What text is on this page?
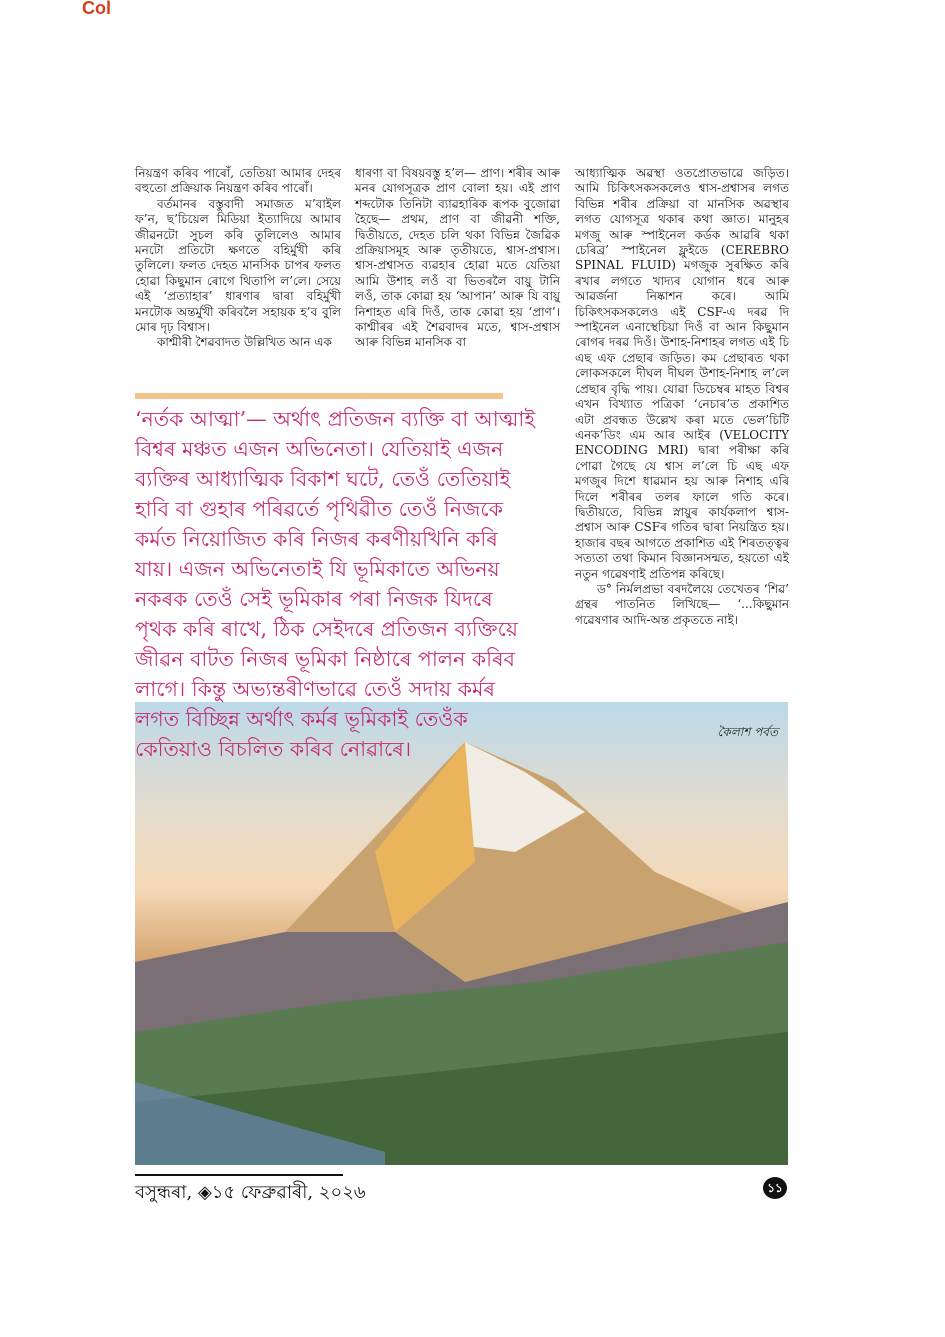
Col

নিয়ন্ত্ৰণ কৰিব পাৰোঁ, তেতিয়া আমাৰ দেহৰ বহুতো প্ৰক্ৰিয়াক নিয়ন্ত্ৰণ কৰিব পাৰোঁ।

বৰ্তমানৰ বস্তুবাদী সমাজত ম’বাইল ফ’ন, ছ’চিয়েল মিডিয়া ইত্যাদিয়ে আমাৰ জীৱনটো সুচল কৰি তুলিলেও আমাৰ মনটো প্ৰতিটো ক্ষণতে বহিৰ্মুখী কৰি তুলিলে। ফলত দেহত মানসিক চাপৰ ফলত হোৱা কিছুমান ৰোগে থিতাপি ল’লে। সেয়ে এই ‘প্ৰত্যাহাৰ’ ধাৰণাৰ দ্বাৰা বহিৰ্মুখী মনটোক অন্তৰ্মুখী কৰিবলৈ সহায়ক হ’ব বুলি মোৰ দৃঢ় বিশ্বাস।

কাশ্মীৰী শৈৱবাদত উল্লিখিত আন এক

ধাৰণা বা বিষয়বস্তু হ’ল— প্ৰাণ। শৰীৰ আৰু মনৰ যোগসূত্ৰক প্ৰাণ বোলা হয়। এই প্ৰাণ শব্দটোক তিনিটা ব্যাৱহাৰিক ৰূপক বুজোৱা হৈছে— প্ৰথম, প্ৰাণ বা জীৱনী শক্তি, দ্বিতীয়তে, দেহত চলি থকা বিভিন্ন জৈৱিক প্ৰক্ৰিয়াসমূহ আৰু তৃতীয়তে, শ্বাস-প্ৰশ্বাস। শ্বাস-প্ৰশ্বাসত ব্যৱহাৰ হোৱা মতে যেতিয়া আমি উশাহ লওঁ বা ভিতৰলৈ বায়ু টানি লওঁ, তাক কোৱা হয় ‘আপান’ আৰু যি বায়ু নিশাহত এৰি দিওঁ, তাক কোৱা হয় ‘প্ৰাণ’। কাশ্মীৰৰ এই শৈৱবাদৰ মতে, শ্বাস-প্ৰশ্বাস আৰু বিভিন্ন মানসিক বা

আধ্যাত্মিক অৱস্থা ওতপ্ৰোতভাৱে জড়িত। আমি চিকিৎসকসকলেও শ্বাস-প্ৰশ্বাসৰ লগত বিভিন্ন শৰীৰ প্ৰক্ৰিয়া বা মানসিক অৱস্থাৰ লগত যোগসূত্ৰ থকাৰ কথা জ্ঞাত। মানুহৰ মগজু আৰু স্পাইনেল কৰ্ডক আৱৰি থকা চেৰিব্ৰ’ স্পাইনেল ফ্লুইডে (CEREBRO SPINAL FLUID) মগজুক সুৰক্ষিত কৰি ৰখাৰ লগতে খাদ্যৰ যোগান ধৰে আৰু আৱৰ্জনা নিষ্কাশন কৰে। আমি চিকিৎসকসকলেও এই CSF-এ দৰৱ দি স্পাইনেল এনাস্থেচিয়া দিওঁ বা আন কিছুমান ৰোগৰ দৰৱ দিওঁ। উশাহ-নিশাহৰ লগত এই চি এছ এফ প্ৰেছাৰ জড়িত। কম প্ৰেছাৰত থকা লোকসকলে দীঘল দীঘল উশাহ-নিশাহ ল’লে প্ৰেছাৰ বৃদ্ধি পায়। যোৱা ডিচেম্বৰ মাহত বিশ্বৰ এখন বিখ্যাত পত্ৰিকা ‘নেচাৰ’ত প্ৰকাশিত এটা প্ৰবন্ধত উল্লেখ কৰা মতে ভেল’চিটি এনক’ডিং এম আৰ আইৰ (VELOCITY ENCODING MRI) দ্বাৰা পৰীক্ষা কৰি পোৱা গৈছে যে শ্বাস ল’লে চি এছ এফ মগজুৰ দিশে ধাৱমান হয় আৰু নিশাহ এৰি দিলে শৰীৰৰ তলৰ ফালে গতি কৰে। দ্বিতীয়তে, বিভিন্ন স্নায়ুৰ কাৰ্যকলাপ শ্বাস-প্ৰশ্বাস আৰু CSFৰ গতিৰ দ্বাৰা নিয়ন্ত্ৰিত হয়। হাজাৰ বছৰ আগতে প্ৰকাশিত এই শিৰতত্ত্বৰ সত্যতা তথা কিমান বিজ্ঞানসন্মত, হয়তো এই নতুন গৱেষণাই প্ৰতিপন্ন কৰিছে।

ড° নিৰ্মলপ্ৰভা বৰদলৈয়ে তেখেতৰ ‘শিৱ’ গ্ৰন্থৰ পাতনিত লিখিছে— ‘...কিছুমান গৱেষণাৰ আদি-অন্ত প্ৰকৃততে নাই।

কৈলাশ পৰ্বত
‘নৰ্তক আত্মা’— অৰ্থাৎ প্ৰতিজন ব্যক্তি বা আত্মাই
বিশ্বৰ মঞ্চত এজন অভিনেতা। যেতিয়াই এজন
ব্যক্তিৰ আধ্যাত্মিক বিকাশ ঘটে, তেওঁ তেতিয়াই
হাবি বা গুহাৰ পৰিৱৰ্তে পৃথিৱীত তেওঁ নিজকে
কৰ্মত নিয়োজিত কৰি নিজৰ কৰণীয়খিনি কৰি
যায়। এজন অভিনেতাই যি ভূমিকাতে অভিনয়
নকৰক তেওঁ সেই ভূমিকাৰ পৰা নিজক যিদৰে
পৃথক কৰি ৰাখে, ঠিক সেইদৰে প্ৰতিজন ব্যক্তিয়ে
জীৱন বাটত নিজৰ ভূমিকা নিষ্ঠাৰে পালন কৰিব
লাগে। কিন্তু অভ্যন্তৰীণভাৱে তেওঁ সদায় কৰ্মৰ
লগত বিচ্ছিন্ন অৰ্থাৎ কৰ্মৰ ভূমিকাই তেওঁক
কেতিয়াও বিচলিত কৰিব নোৱাৰে।
বসুন্ধৰা, ◈১৫ ফেব্ৰুৱাৰী, ২০২৬	১১
